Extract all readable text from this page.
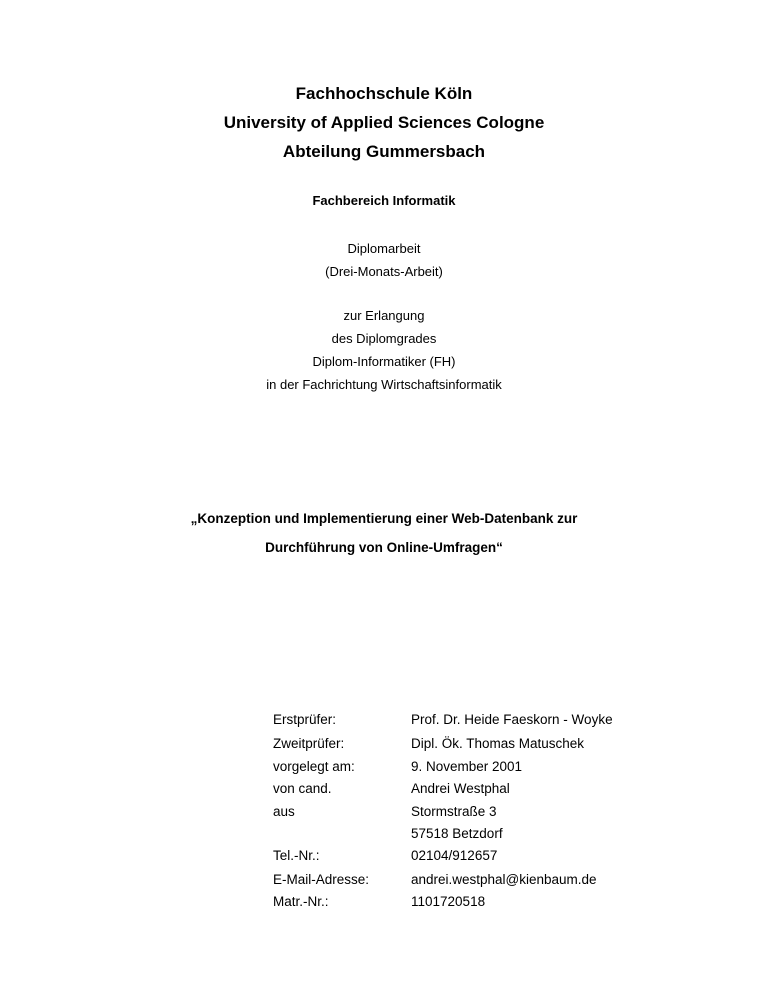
Fachhochschule Köln
University of Applied Sciences Cologne
Abteilung Gummersbach
Fachbereich Informatik
Diplomarbeit
(Drei-Monats-Arbeit)
zur Erlangung
des Diplomgrades
Diplom-Informatiker (FH)
in der Fachrichtung Wirtschaftsinformatik
„Konzeption und Implementierung einer Web-Datenbank zur
Durchführung von Online-Umfragen“
Erstprüfer:	Prof. Dr. Heide Faeskorn - Woyke
Zweitprüfer:	Dipl. Ök. Thomas Matuschek
vorgelegt am:	9. November 2001
von cand.	Andrei Westphal
aus	Stormstraße 3
57518 Betzdorf
Tel.-Nr.:	02104/912657
E-Mail-Adresse:	andrei.westphal@kienbaum.de
Matr.-Nr.:	1101720518
